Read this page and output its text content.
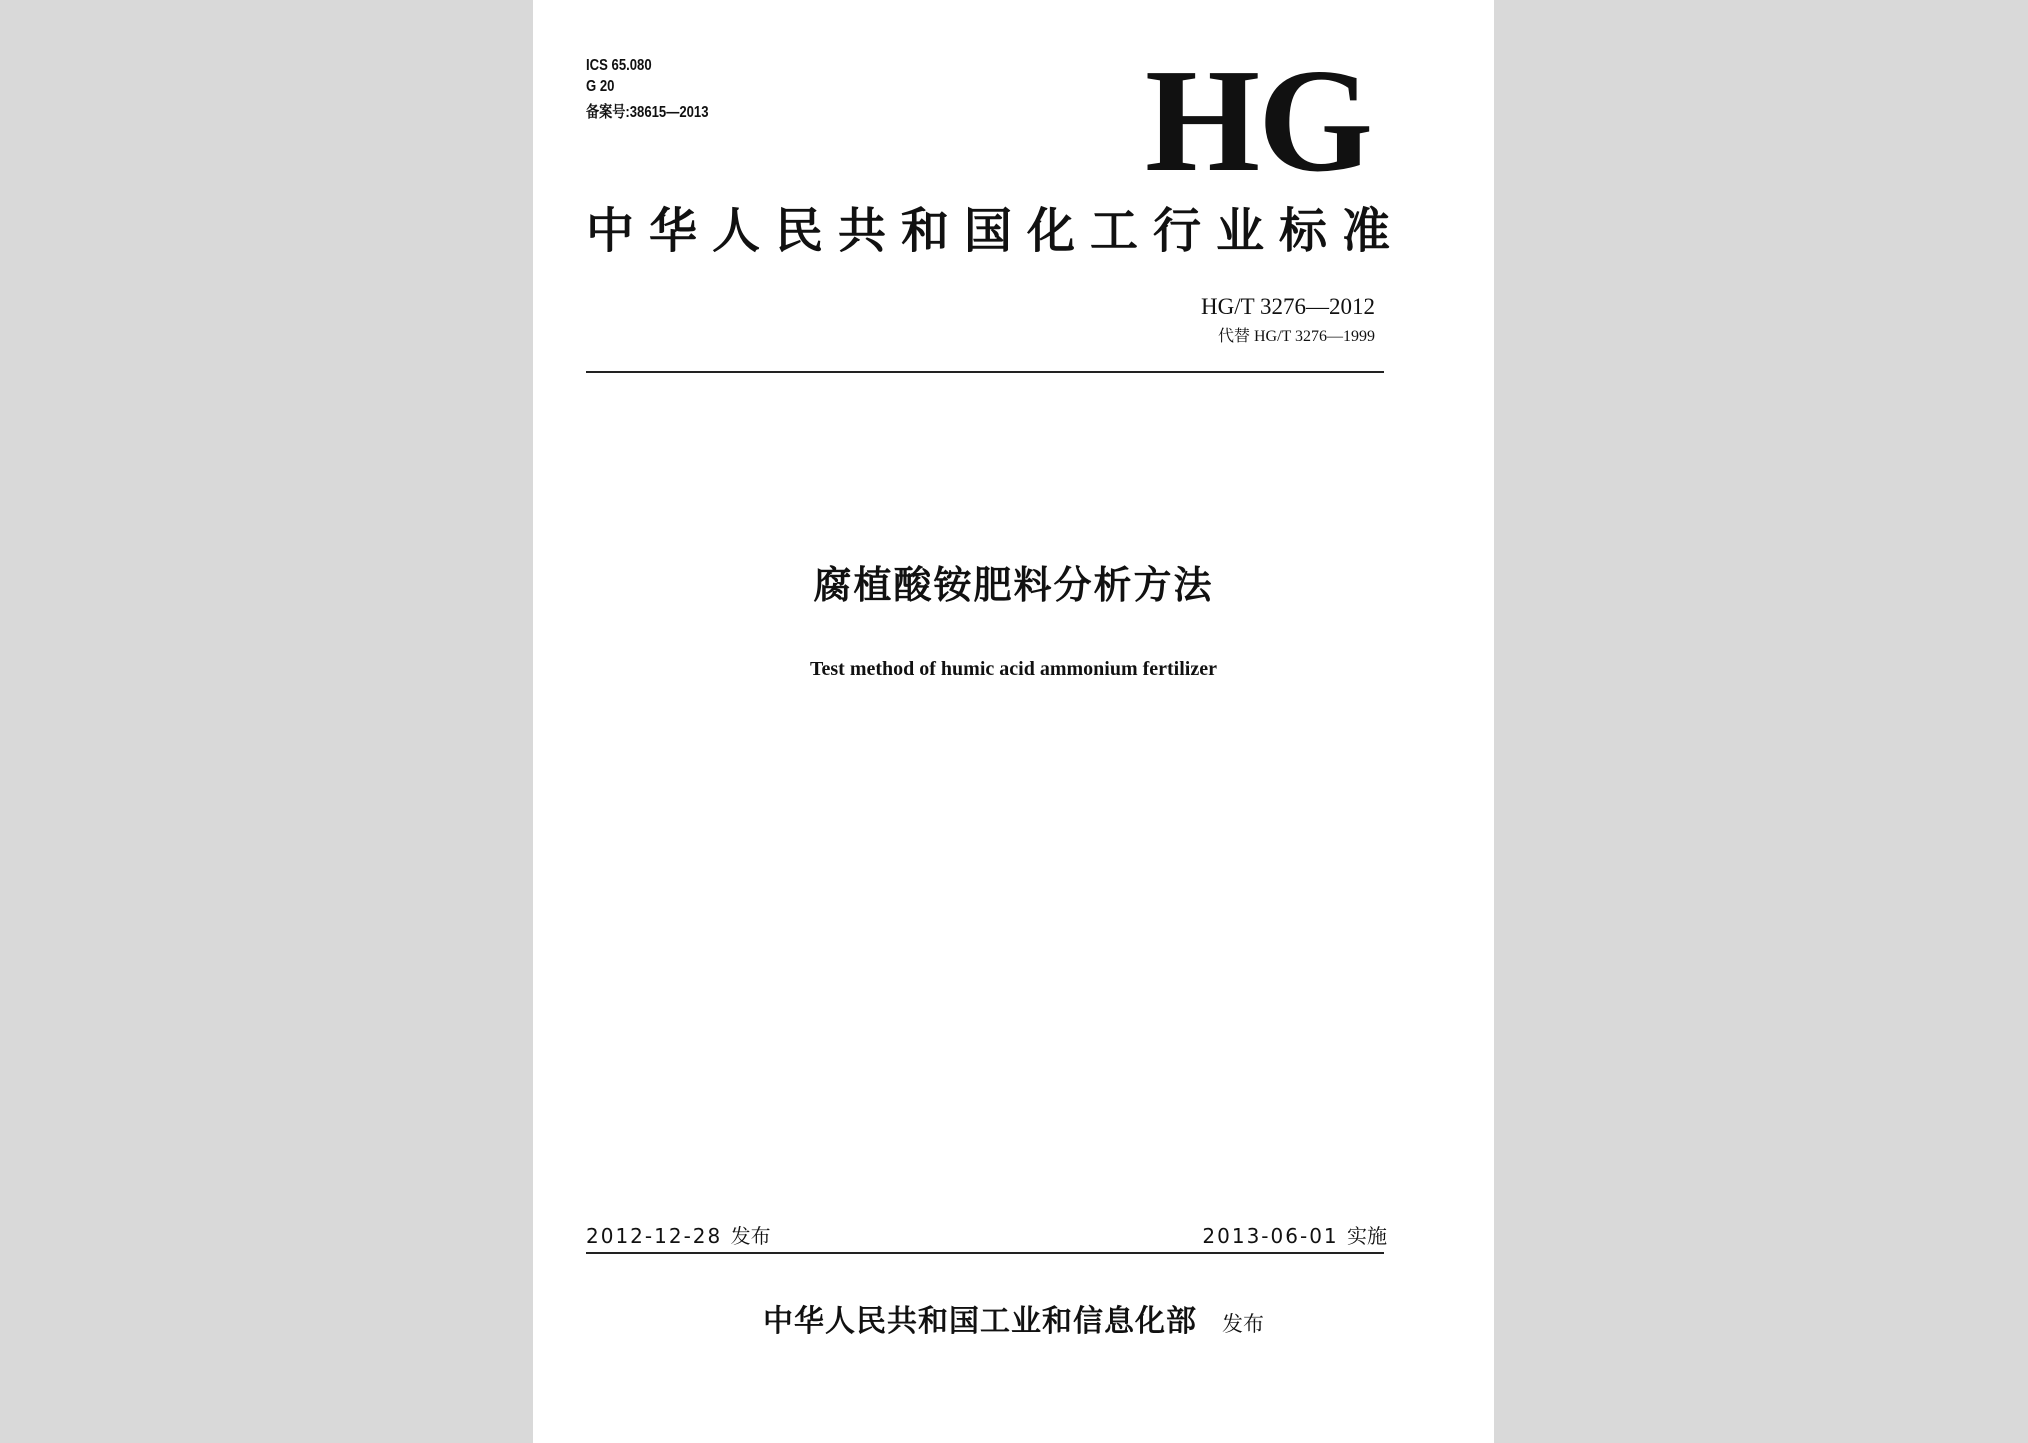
ICS 65.080
G 20
备案号:38615—2013	HG
中华人民共和国化工行业标准
HG/T 3276—2012
代替 HG/T 3276—1999
腐植酸铵肥料分析方法
Test method of humic acid ammonium fertilizer
2012-12-28 发布	2013-06-01 实施
中华人民共和国工业和信息化部 发布
